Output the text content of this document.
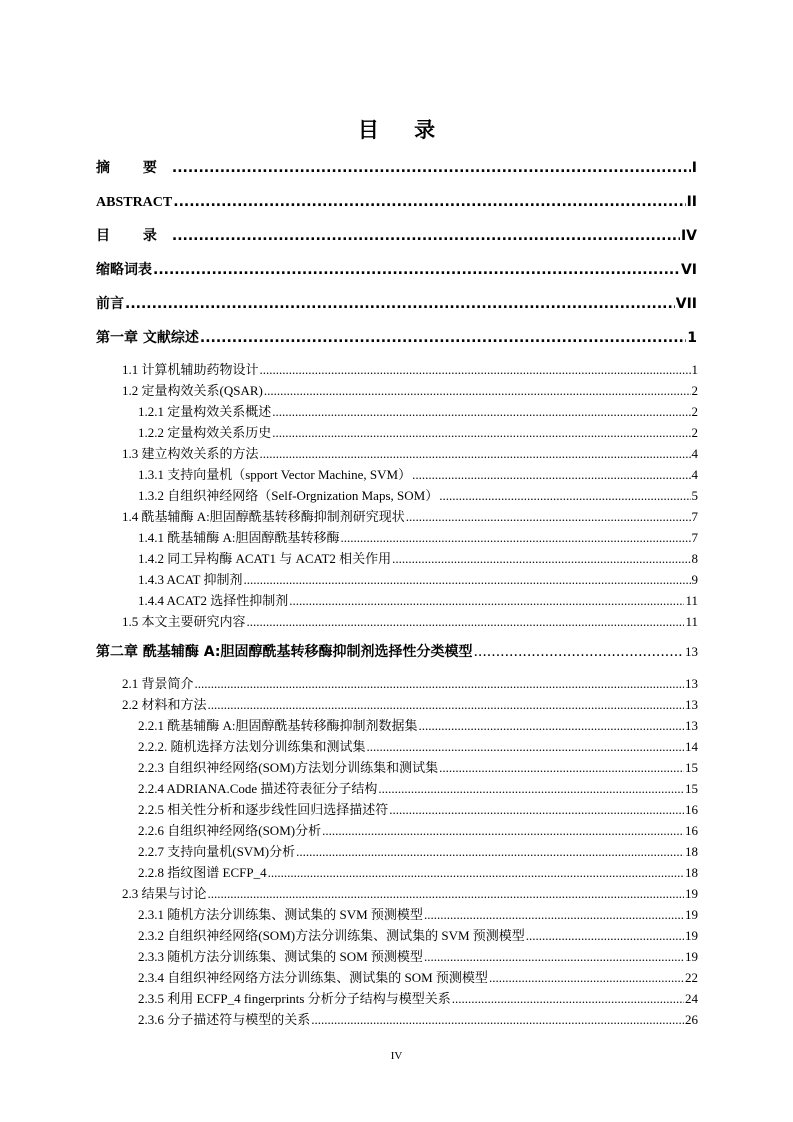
目 录
摘 要 .....	I
ABSTRACT .....	II
目 录 .....	IV
缩略词表 .....	VI
前言 .....	VII
第一章 文献综述 .....	1
1.1 计算机辅助药物设计 .....	1
1.2 定量构效关系(QSAR) .....	2
1.2.1 定量构效关系概述 .....	2
1.2.2 定量构效关系历史 .....	2
1.3 建立构效关系的方法 .....	4
1.3.1 支持向量机（spport Vector Machine, SVM） .....	4
1.3.2 自组织神经网络（Self-Orgnization Maps, SOM） .....	5
1.4 酰基辅酶 A:胆固醇酰基转移酶抑制剂研究现状 .....	7
1.4.1 酰基辅酶 A:胆固醇酰基转移酶 .....	7
1.4.2 同工异构酶 ACAT1 与 ACAT2 相关作用 .....	8
1.4.3 ACAT 抑制剂 .....	9
1.4.4 ACAT2 选择性抑制剂 .....	11
1.5 本文主要研究内容 .....	11
第二章 酰基辅酶 A:胆固醇酰基转移酶抑制剂选择性分类模型 .....	13
2.1 背景简介 .....	13
2.2 材料和方法 .....	13
2.2.1 酰基辅酶 A:胆固醇酰基转移酶抑制剂数据集 .....	13
2.2.2. 随机选择方法划分训练集和测试集 .....	14
2.2.3 自组织神经网络(SOM)方法划分训练集和测试集 .....	15
2.2.4 ADRIANA.Code 描述符表征分子结构 .....	15
2.2.5 相关性分析和逐步线性回归选择描述符 .....	16
2.2.6 自组织神经网络(SOM)分析 .....	16
2.2.7 支持向量机(SVM)分析 .....	18
2.2.8 指纹图谱 ECFP_4 .....	18
2.3 结果与讨论 .....	19
2.3.1 随机方法分训练集、测试集的 SVM 预测模型 .....	19
2.3.2 自组织神经网络(SOM)方法分训练集、测试集的 SVM 预测模型 .....	19
2.3.3 随机方法分训练集、测试集的 SOM 预测模型 .....	19
2.3.4 自组织神经网络方法分训练集、测试集的 SOM 预测模型 .....	22
2.3.5 利用 ECFP_4 fingerprints 分析分子结构与模型关系 .....	24
2.3.6 分子描述符与模型的关系 .....	26
IV
